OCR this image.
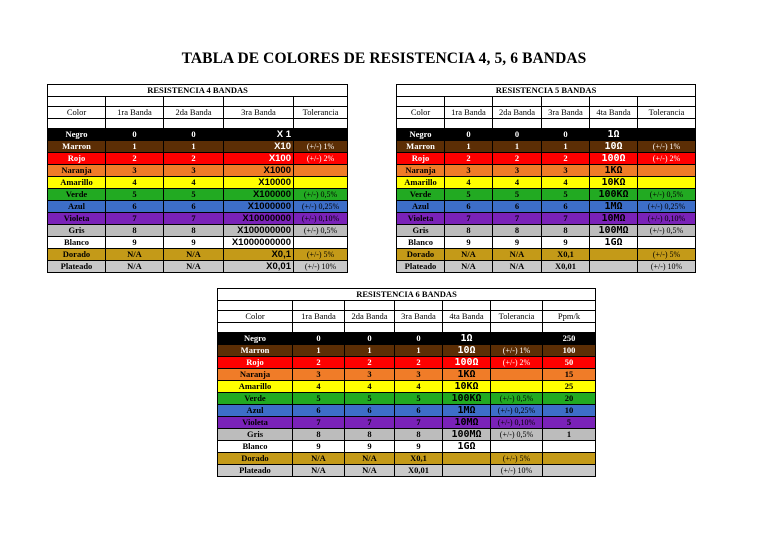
TABLA DE COLORES DE RESISTENCIA 4, 5, 6 BANDAS
RESISTENCIA 4 BANDAS				

Color	1ra Banda	2da Banda	3ra Banda	Tolerancia

Negro	0	0	X 1	
Marron	1	1	X10	(+/-) 1%
Rojo	2	2	X100	(+/-) 2%
Naranja	3	3	X1000	
Amarillo	4	4	X10000	
Verde	5	5	X100000	(+/-) 0,5%
Azul	6	6	X1000000	(+/-) 0,25%
Violeta	7	7	X10000000	(+/-) 0,10%
Gris	8	8	X100000000	(+/-) 0,5%
Blanco	9	9	X1000000000	
Dorado	N/A	N/A	X0,1	(+/-) 5%
Plateado	N/A	N/A	X0,01	(+/-) 10%
RESISTENCIA 5 BANDAS					

Color	1ra Banda	2da Banda	3ra Banda	4ta Banda	Tolerancia

Negro	0	0	0	1Ω	
Marron	1	1	1	10Ω	(+/-) 1%
Rojo	2	2	2	100Ω	(+/-) 2%
Naranja	3	3	3	1KΩ	
Amarillo	4	4	4	10KΩ	
Verde	5	5	5	100KΩ	(+/-) 0,5%
Azul	6	6	6	1MΩ	(+/-) 0,25%
Violeta	7	7	7	10MΩ	(+/-) 0,10%
Gris	8	8	8	100MΩ	(+/-) 0,5%
Blanco	9	9	9	1GΩ	
Dorado	N/A	N/A	X0,1		(+/-) 5%
Plateado	N/A	N/A	X0,01		(+/-) 10%
RESISTENCIA 6 BANDAS						

Color	1ra Banda	2da Banda	3ra Banda	4ta Banda	Tolerancia	Ppm/k

Negro	0	0	0	1Ω		250
Marron	1	1	1	10Ω	(+/-) 1%	100
Rojo	2	2	2	100Ω	(+/-) 2%	50
Naranja	3	3	3	1KΩ		15
Amarillo	4	4	4	10KΩ		25
Verde	5	5	5	100KΩ	(+/-) 0,5%	20
Azul	6	6	6	1MΩ	(+/-) 0,25%	10
Violeta	7	7	7	10MΩ	(+/-) 0,10%	5
Gris	8	8	8	100MΩ	(+/-) 0,5%	1
Blanco	9	9	9	1GΩ		
Dorado	N/A	N/A	X0,1		(+/-) 5%	
Plateado	N/A	N/A	X0,01		(+/-) 10%	
